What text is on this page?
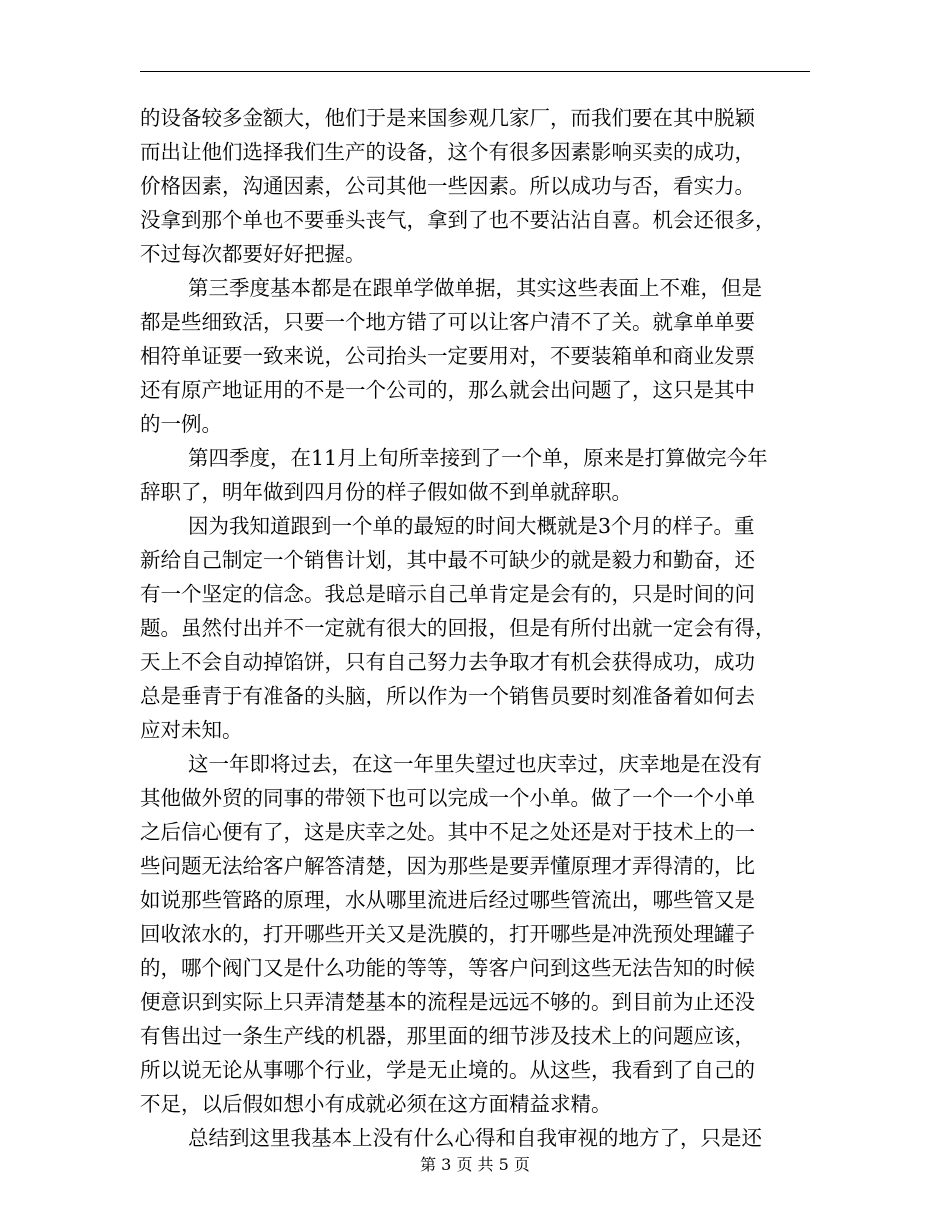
的设备较多金额大，他们于是来国参观几家厂，而我们要在其中脱颖
而出让他们选择我们生产的设备，这个有很多因素影响买卖的成功，
价格因素，沟通因素，公司其他一些因素。所以成功与否，看实力。
没拿到那个单也不要垂头丧气，拿到了也不要沾沾自喜。机会还很多，
不过每次都要好好把握。
第三季度基本都是在跟单学做单据，其实这些表面上不难，但是
都是些细致活，只要一个地方错了可以让客户清不了关。就拿单单要
相符单证要一致来说，公司抬头一定要用对，不要装箱单和商业发票
还有原产地证用的不是一个公司的，那么就会出问题了，这只是其中
的一例。
第四季度，在11月上旬所幸接到了一个单，原来是打算做完今年
辞职了，明年做到四月份的样子假如做不到单就辞职。
因为我知道跟到一个单的最短的时间大概就是3个月的样子。重
新给自己制定一个销售计划，其中最不可缺少的就是毅力和勤奋，还
有一个坚定的信念。我总是暗示自己单肯定是会有的，只是时间的问
题。虽然付出并不一定就有很大的回报，但是有所付出就一定会有得，
天上不会自动掉馅饼，只有自己努力去争取才有机会获得成功，成功
总是垂青于有准备的头脑，所以作为一个销售员要时刻准备着如何去
应对未知。
这一年即将过去，在这一年里失望过也庆幸过，庆幸地是在没有
其他做外贸的同事的带领下也可以完成一个小单。做了一个一个小单
之后信心便有了，这是庆幸之处。其中不足之处还是对于技术上的一
些问题无法给客户解答清楚，因为那些是要弄懂原理才弄得清的，比
如说那些管路的原理，水从哪里流进后经过哪些管流出，哪些管又是
回收浓水的，打开哪些开关又是洗膜的，打开哪些是冲洗预处理罐子
的，哪个阀门又是什么功能的等等，等客户问到这些无法告知的时候
便意识到实际上只弄清楚基本的流程是远远不够的。到目前为止还没
有售出过一条生产线的机器，那里面的细节涉及技术上的问题应该，
所以说无论从事哪个行业，学是无止境的。从这些，我看到了自己的
不足，以后假如想小有成就必须在这方面精益求精。
总结到这里我基本上没有什么心得和自我审视的地方了，只是还
第 3 页 共 5 页
